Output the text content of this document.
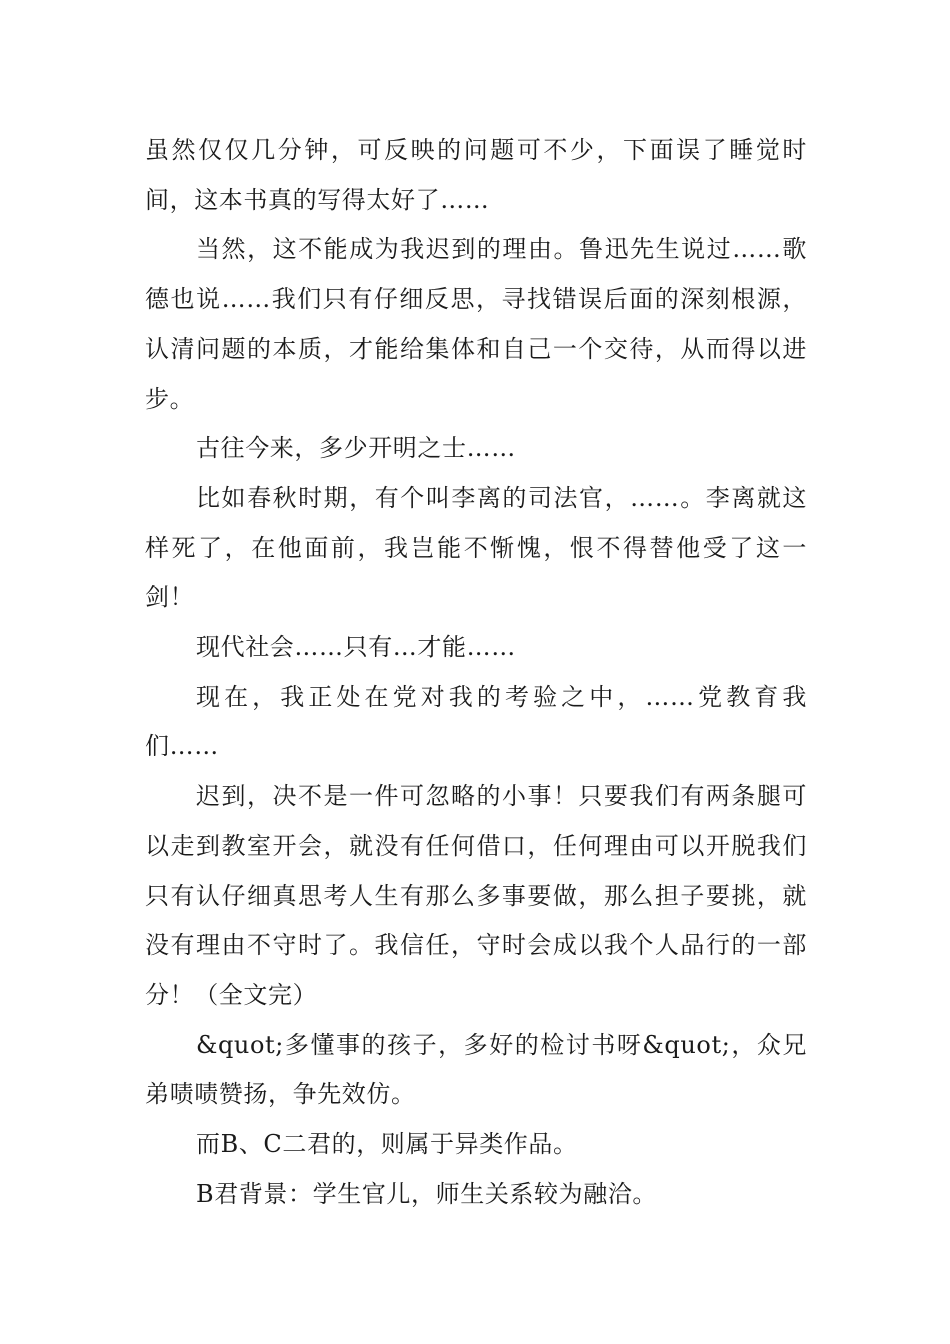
虽然仅仅几分钟，可反映的问题可不少，下面误了睡觉时间，这本书真的写得太好了……

当然，这不能成为我迟到的理由。鲁迅先生说过……歌德也说……我们只有仔细反思，寻找错误后面的深刻根源，认清问题的本质，才能给集体和自己一个交待，从而得以进步。

古往今来，多少开明之士……

比如春秋时期，有个叫李离的司法官，……。李离就这样死了，在他面前，我岂能不惭愧，恨不得替他受了这一剑！

现代社会……只有…才能……

现在，我正处在党对我的考验之中，……党教育我们……

迟到，决不是一件可忽略的小事！只要我们有两条腿可以走到教室开会，就没有任何借口，任何理由可以开脱我们只有认仔细真思考人生有那么多事要做，那么担子要挑，就没有理由不守时了。我信任，守时会成以我个人品行的一部分！（全文完）

&quot;多懂事的孩子，多好的检讨书呀&quot;，众兄弟啧啧赞扬，争先效仿。

而B、C二君的，则属于异类作品。

B君背景：学生官儿，师生关系较为融洽。
